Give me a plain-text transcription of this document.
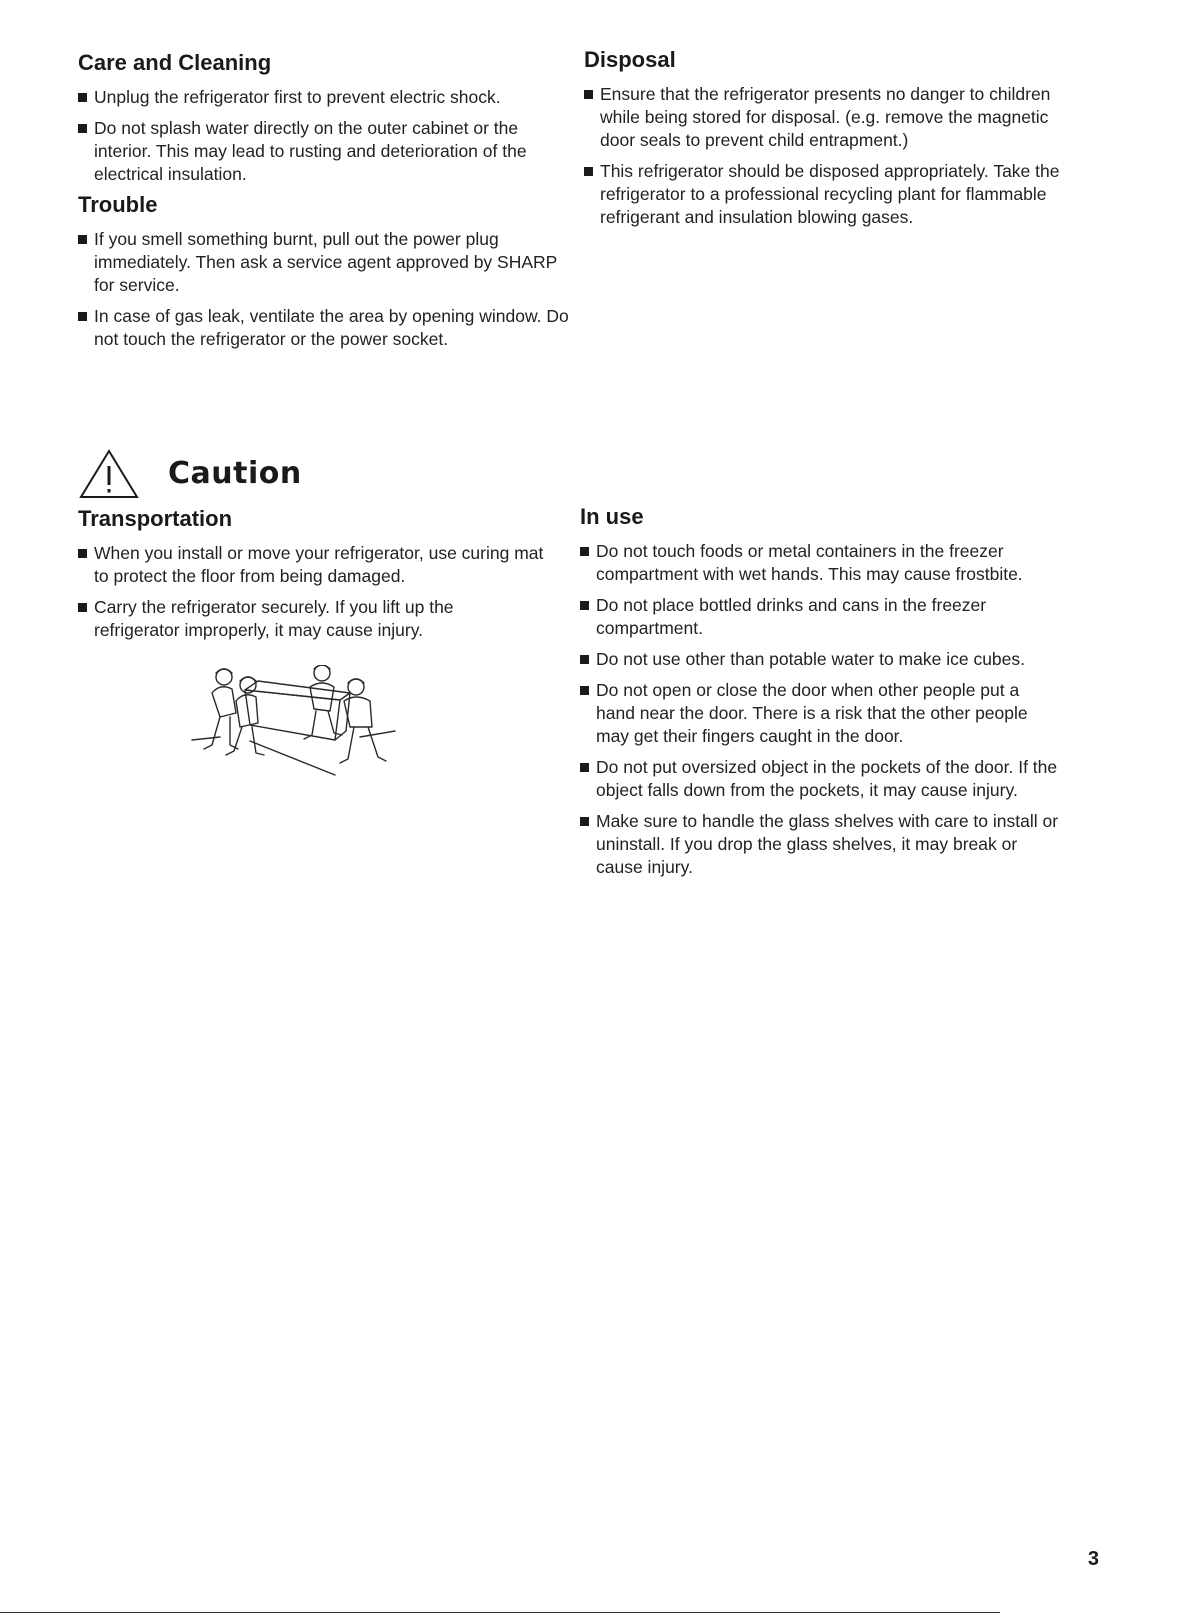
Care and Cleaning
Unplug the refrigerator first to prevent electric shock.
Do not splash water directly on the outer cabinet or the interior. This may lead to rusting and deterioration of the electrical insulation.
Trouble
If you smell something burnt, pull out the power plug immediately. Then ask a service agent approved by SHARP for service.
In case of gas leak, ventilate the area by opening window. Do not touch the refrigerator or the power socket.
Disposal
Ensure that the refrigerator presents no danger to children while being stored for disposal. (e.g. remove the magnetic door seals to prevent child entrapment.)
This refrigerator should be disposed appropriately. Take the refrigerator to a professional recycling plant for flammable refrigerant and insulation blowing gases.
Caution
Transportation
When you install or move your refrigerator, use curing mat to protect the floor from being damaged.
Carry the refrigerator securely. If you lift up the refrigerator improperly, it may cause injury.
In use
Do not touch foods or metal containers in the freezer compartment with wet hands. This may cause frostbite.
Do not place bottled drinks and cans in the freezer compartment.
Do not use other than potable water to make ice cubes.
Do not open or close the door when other people put a hand near the door. There is a risk that the other people may get their fingers caught in the door.
Do not put oversized object in the pockets of the door. If the object falls down from the pockets, it may cause injury.
Make sure to handle the glass shelves with care to install or uninstall. If you drop the glass shelves, it may break or cause injury.
3
